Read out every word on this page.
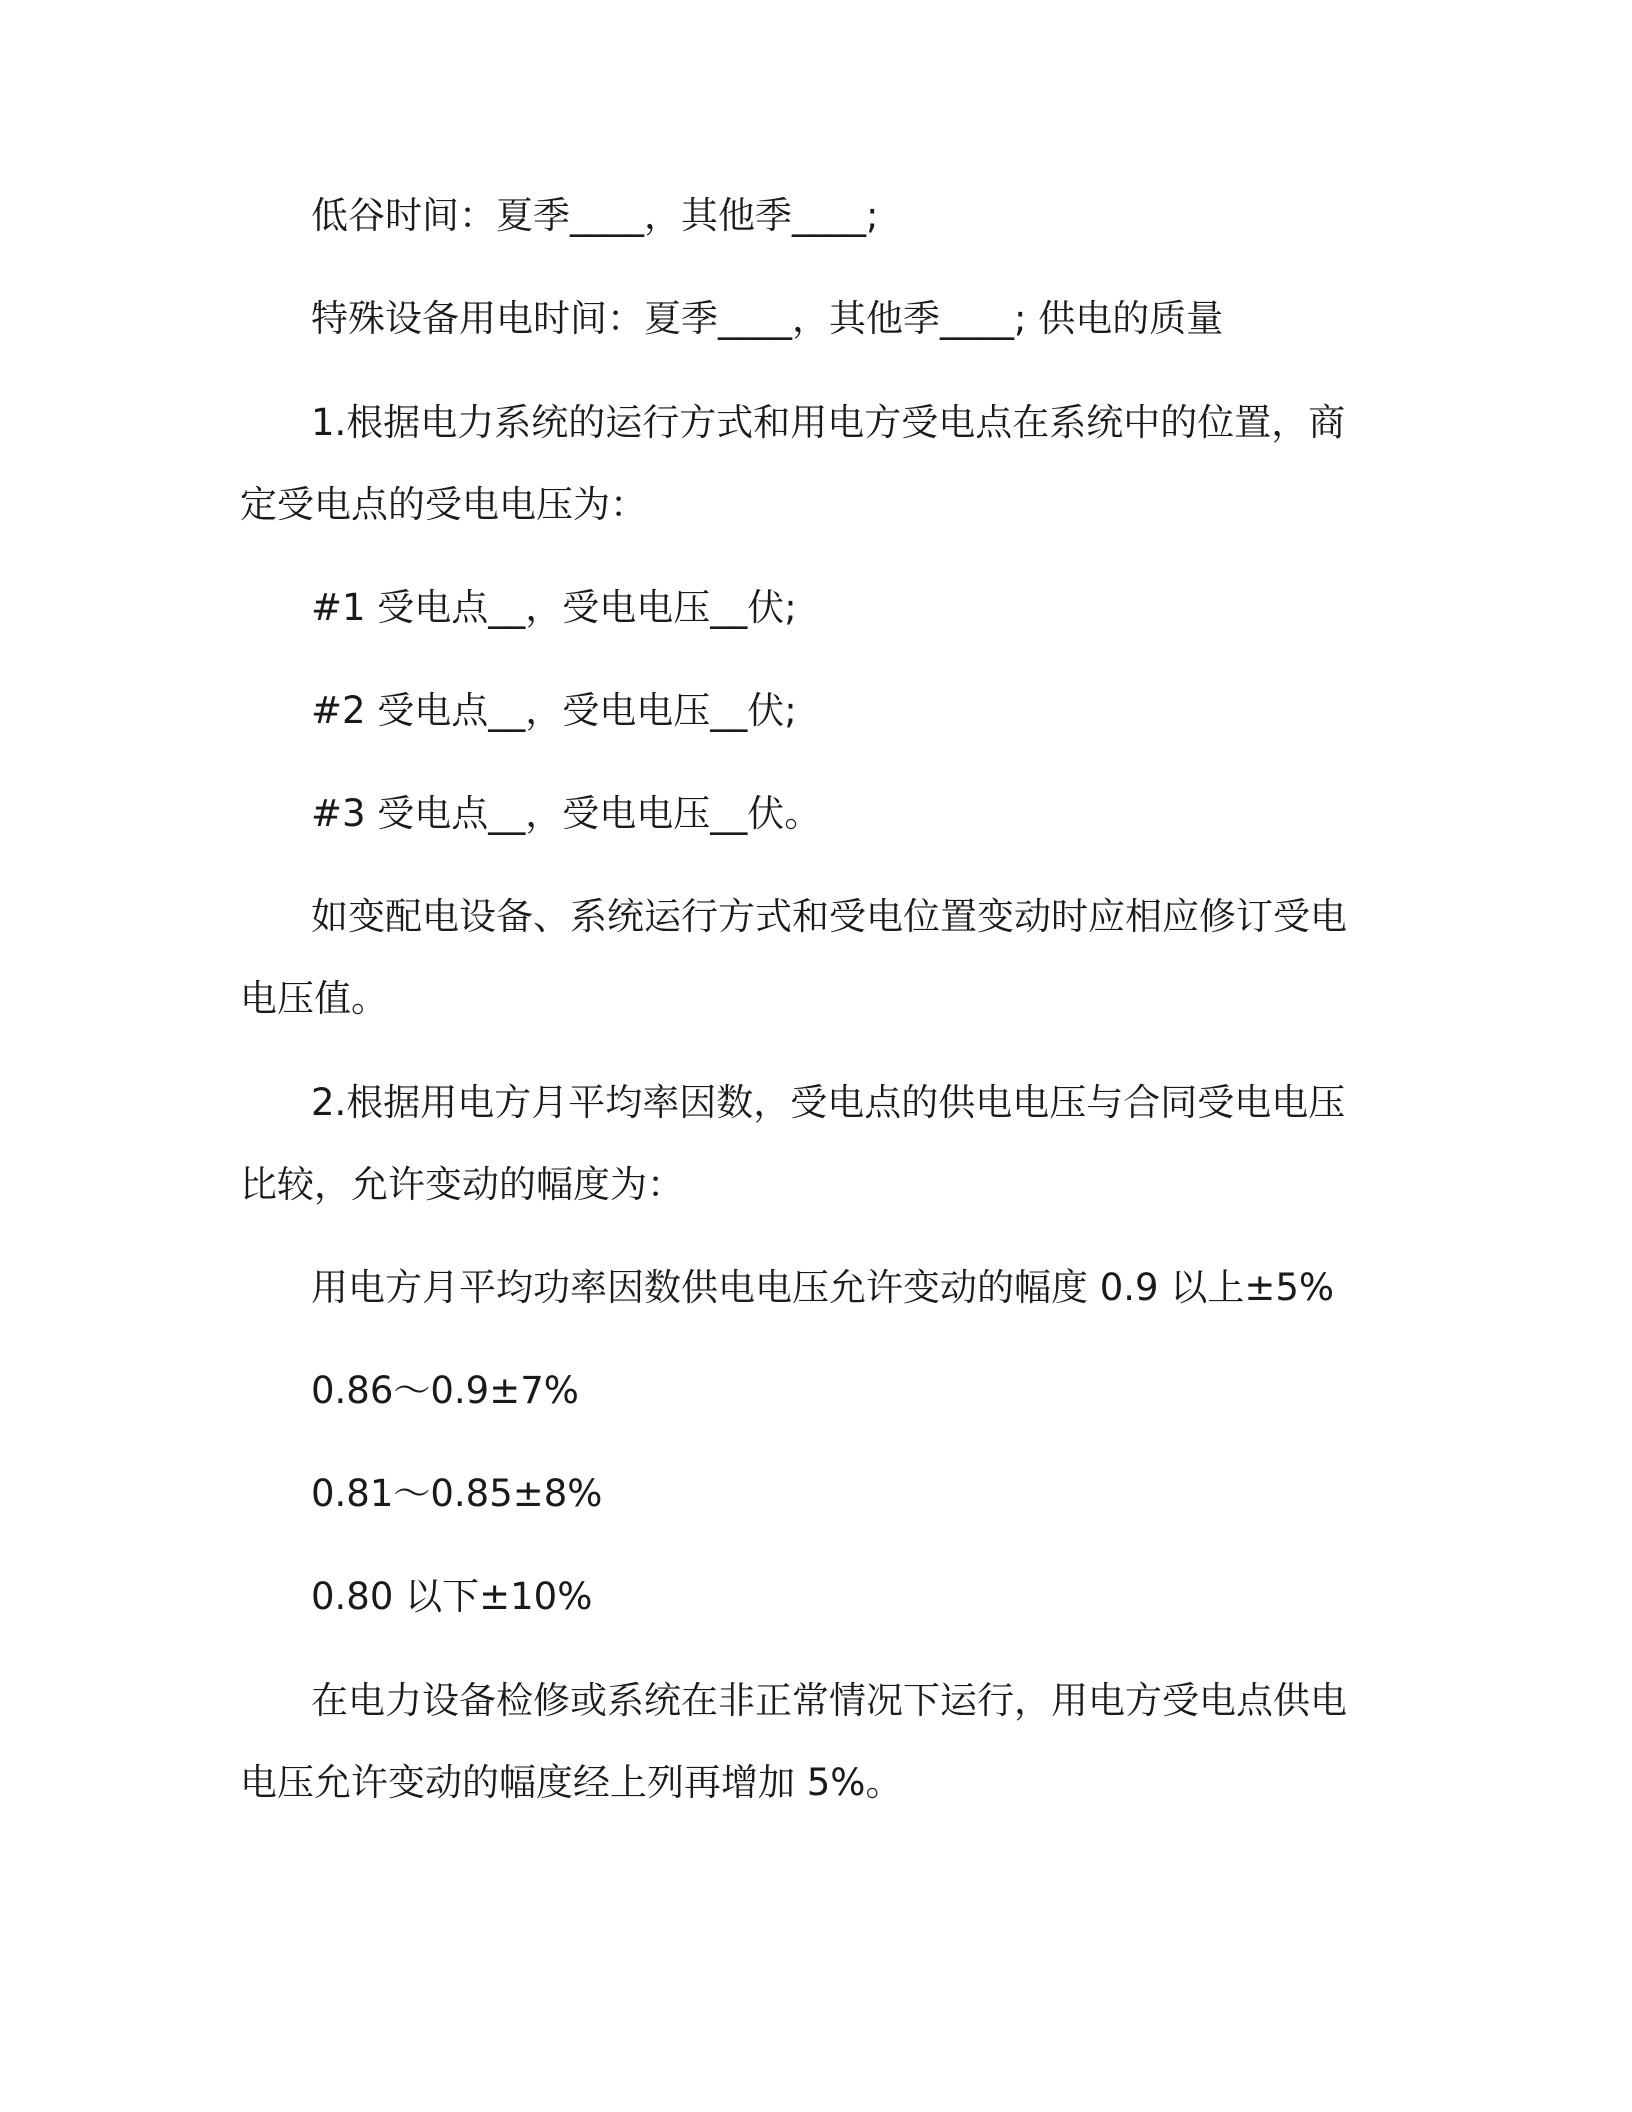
低谷时间：夏季____，其他季____;
特殊设备用电时间：夏季____，其他季____; 供电的质量
1.根据电力系统的运行方式和用电方受电点在系统中的位置，商
定受电点的受电电压为：
#1 受电点__，受电电压__伏;
#2 受电点__，受电电压__伏;
#3 受电点__，受电电压__伏。
如变配电设备、系统运行方式和受电位置变动时应相应修订受电
电压值。
2.根据用电方月平均率因数，受电点的供电电压与合同受电电压
比较，允许变动的幅度为：
用电方月平均功率因数供电电压允许变动的幅度 0.9 以上±5%
0.86～0.9±7%
0.81～0.85±8%
0.80 以下±10%
在电力设备检修或系统在非正常情况下运行，用电方受电点供电
电压允许变动的幅度经上列再增加 5%。
